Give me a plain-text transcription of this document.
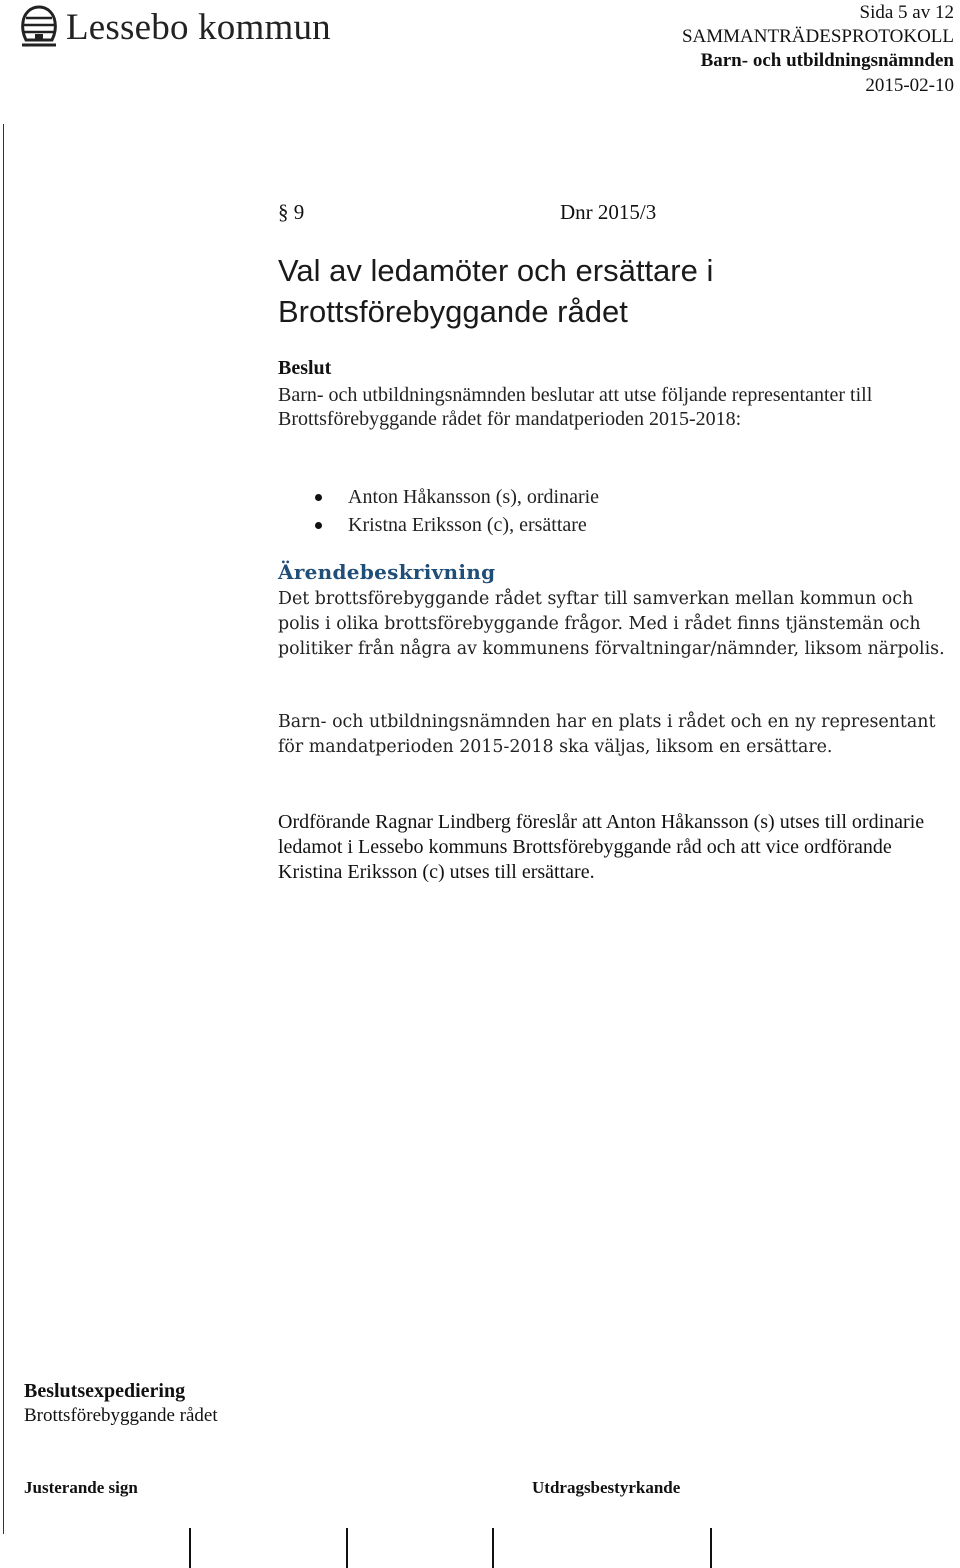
Lessebo kommun	Sida 5 av 12
SAMMANTRÄDESPROTOKOLL
Barn- och utbildningsnämnden
2015-02-10
§ 9	Dnr 2015/3
Val av ledamöter och ersättare i Brottsförebyggande rådet
Beslut
Barn- och utbildningsnämnden beslutar att utse följande representanter till Brottsförebyggande rådet för mandatperioden 2015-2018:
Anton Håkansson (s), ordinarie
Kristna Eriksson (c), ersättare
Ärendebeskrivning
Det brottsförebyggande rådet syftar till samverkan mellan kommun och polis i olika brottsförebyggande frågor. Med i rådet finns tjänstemän och politiker från några av kommunens förvaltningar/nämnder, liksom närpolis.
Barn- och utbildningsnämnden har en plats i rådet och en ny representant för mandatperioden 2015-2018 ska väljas, liksom en ersättare.
Ordförande Ragnar Lindberg föreslår att Anton Håkansson (s) utses till ordinarie ledamot i Lessebo kommuns Brottsförebyggande råd och att vice ordförande Kristina Eriksson (c) utses till ersättare.
Beslutsexpediering
Brottsförebyggande rådet
Justerande sign	Utdragsbestyrkande
